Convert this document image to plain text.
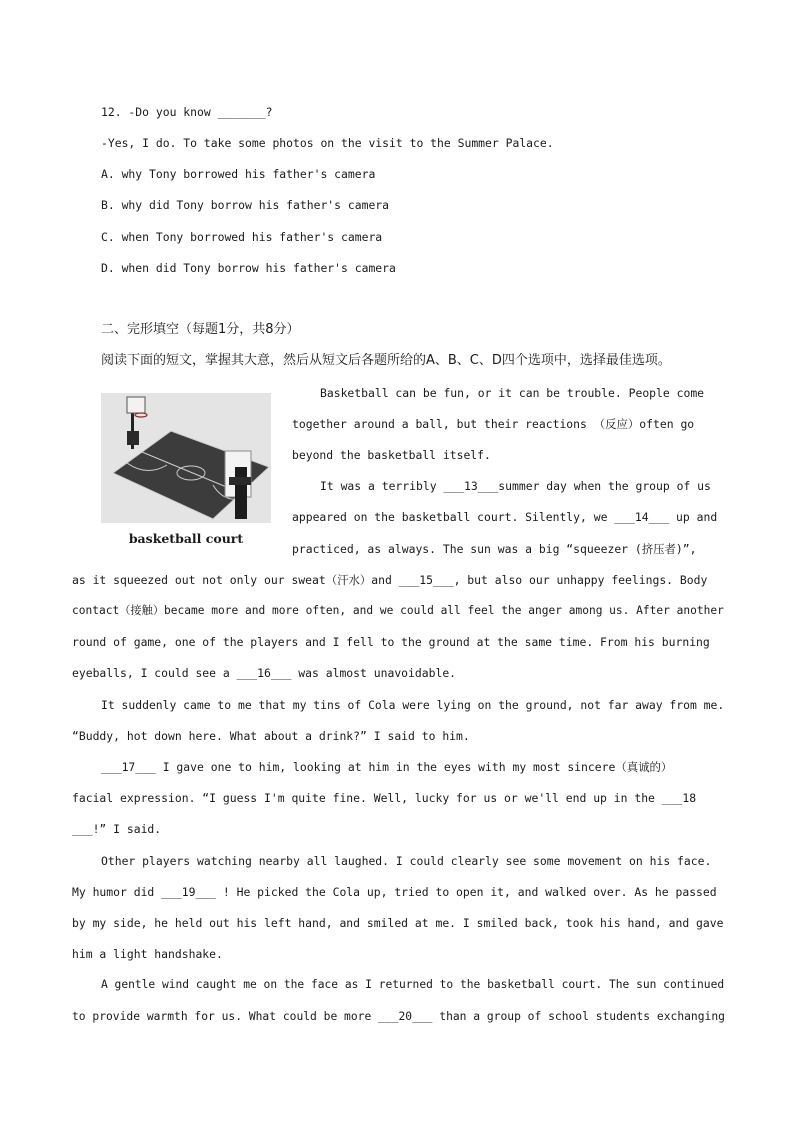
12. -Do you know _______?
-Yes, I do. To take some photos on the visit to the Summer Palace.
A. why Tony borrowed his father's camera
B. why did Tony borrow his father's camera
C. when Tony borrowed his father's camera
D. when did Tony borrow his father's camera
二、完形填空（每题1分，共8分）
阅读下面的短文，掌握其大意，然后从短文后各题所给的A、B、C、D四个选项中，选择最佳选项。
basketball court
Basketball can be fun, or it can be trouble. People come
together around a ball, but their reactions （反应）often go
beyond the basketball itself.
It was a terribly ___13___summer day when the group of us
appeared on the basketball court. Silently, we ___14___ up and
practiced, as always. The sun was a big “squeezer (挤压者)”,
as it squeezed out not only our sweat（汗水）and ___15___, but also our unhappy feelings. Body
contact（接触）became more and more often, and we could all feel the anger among us. After another
round of game, one of the players and I fell to the ground at the same time. From his burning
eyeballs, I could see a ___16___ was almost unavoidable.
It suddenly came to me that my tins of Cola were lying on the ground, not far away from me.
“Buddy, hot down here. What about a drink?” I said to him.
___17___ I gave one to him, looking at him in the eyes with my most sincere（真诚的）
facial expression. “I guess I'm quite fine. Well, lucky for us or we'll end up in the ___18
___!” I said.
Other players watching nearby all laughed. I could clearly see some movement on his face.
My humor did ___19___ ! He picked the Cola up, tried to open it, and walked over. As he passed
by my side, he held out his left hand, and smiled at me. I smiled back, took his hand, and gave
him a light handshake.
A gentle wind caught me on the face as I returned to the basketball court. The sun continued
to provide warmth for us. What could be more ___20___ than a group of school students exchanging
